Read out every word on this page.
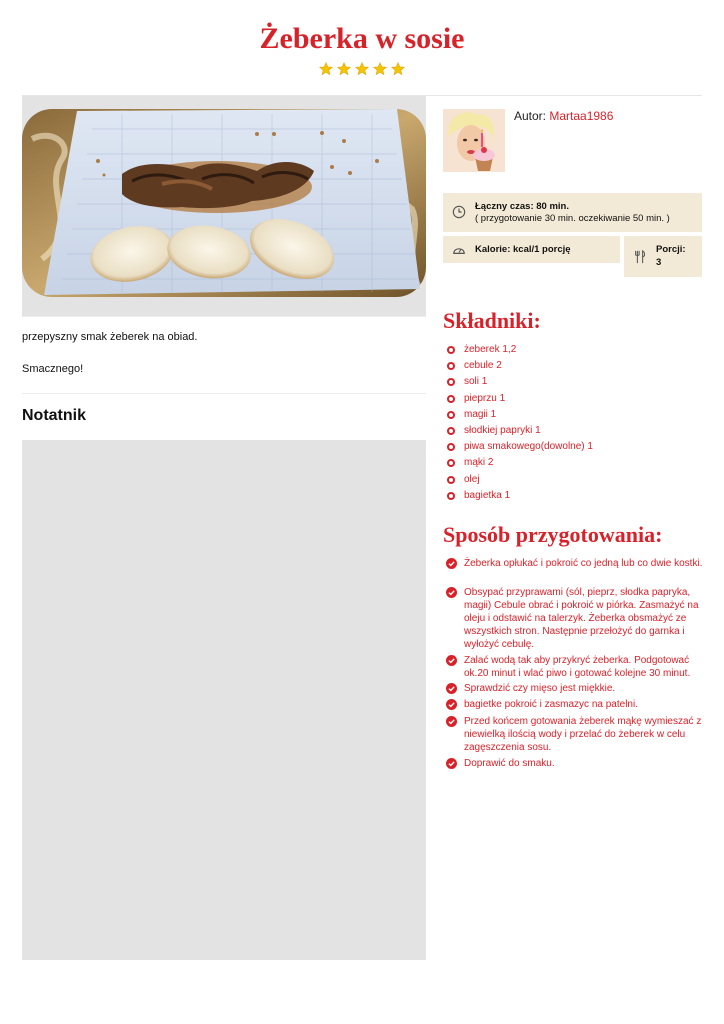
Żeberka w sosie

przepyszny smak żeberek na obiad.

Smacznego!

Notatnik
Autor: Martaa1986
Łączny czas: 80 min.
( przygotowanie 30 min. oczekiwanie 50 min. )
Kalorie: kcal/1 porcję	Porcji:
3
Składniki:
żeberek 1,2
cebule 2
soli 1
pieprzu 1
magii 1
słodkiej papryki 1
piwa smakowego(dowolne) 1
mąki 2
olej
bagietka 1
Sposób przygotowania:
Żeberka opłukać i pokroić co jedną lub co dwie kostki.
Obsypać przyprawami (sól, pieprz, słodka papryka, magii) Cebule obrać i pokroić w piórka. Zasmażyć na oleju i odstawić na talerzyk. Żeberka obsmażyć ze wszystkich stron. Następnie przełożyć do garnka i wyłożyć cebulę.
Zalać wodą tak aby przykryć żeberka. Podgotować ok.20 minut i wlać piwo i gotować kolejne 30 minut.
Sprawdzić czy mięso jest miękkie.
bagietke pokroić i zasmazyc na patelni.
Przed końcem gotowania żeberek mąkę wymieszać z niewielką ilością wody i przelać do żeberek w celu zagęszczenia sosu.
Doprawić do smaku.
